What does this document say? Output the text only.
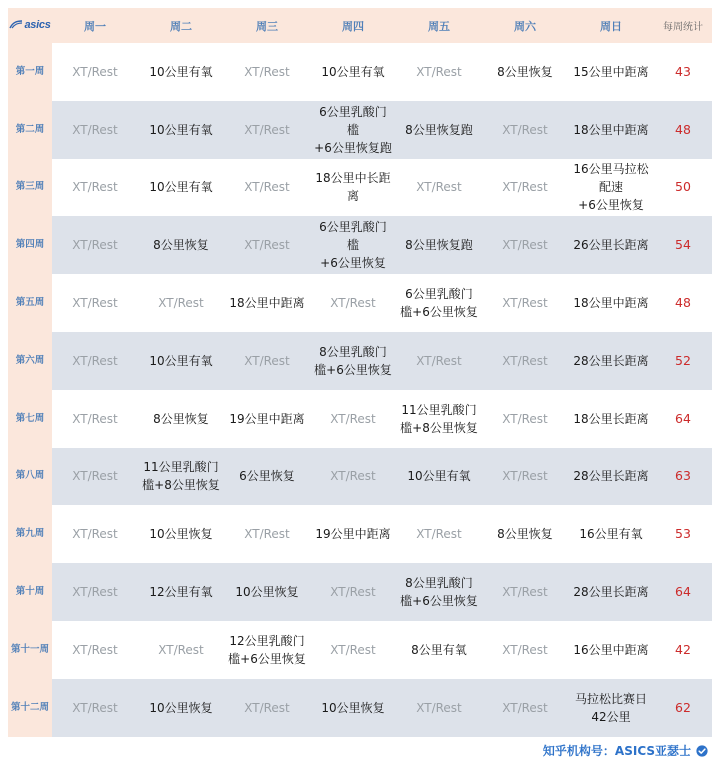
asics	周一	周二	周三	周四	周五	周六	周日	每周统计
第一周	XT/Rest	10公里有氧	XT/Rest	10公里有氧	XT/Rest	8公里恢复	15公里中距离	43
第二周	XT/Rest	10公里有氧	XT/Rest	6公里乳酸门
槛
+6公里恢复跑	8公里恢复跑	XT/Rest	18公里中距离	48
第三周	XT/Rest	10公里有氧	XT/Rest	18公里中长距
离	XT/Rest	XT/Rest	16公里马拉松
配速
+6公里恢复	50
第四周	XT/Rest	8公里恢复	XT/Rest	6公里乳酸门
槛
+6公里恢复	8公里恢复跑	XT/Rest	26公里长距离	54
第五周	XT/Rest	XT/Rest	18公里中距离	XT/Rest	6公里乳酸门
槛+6公里恢复	XT/Rest	18公里中距离	48
第六周	XT/Rest	10公里有氧	XT/Rest	8公里乳酸门
槛+6公里恢复	XT/Rest	XT/Rest	28公里长距离	52
第七周	XT/Rest	8公里恢复	19公里中距离	XT/Rest	11公里乳酸门
槛+8公里恢复	XT/Rest	18公里长距离	64
第八周	XT/Rest	11公里乳酸门
槛+8公里恢复	6公里恢复	XT/Rest	10公里有氧	XT/Rest	28公里长距离	63
第九周	XT/Rest	10公里恢复	XT/Rest	19公里中距离	XT/Rest	8公里恢复	16公里有氧	53
第十周	XT/Rest	12公里有氧	10公里恢复	XT/Rest	8公里乳酸门
槛+6公里恢复	XT/Rest	28公里长距离	64
第十一周	XT/Rest	XT/Rest	12公里乳酸门
槛+6公里恢复	XT/Rest	8公里有氧	XT/Rest	16公里中距离	42
第十二周	XT/Rest	10公里恢复	XT/Rest	10公里恢复	XT/Rest	XT/Rest	马拉松比赛日
42公里	62
知乎机构号：ASICS亚瑟士
